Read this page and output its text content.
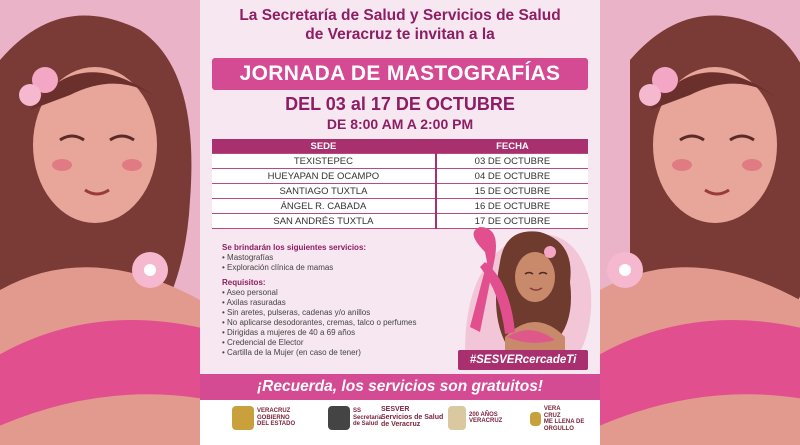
La Secretaría de Salud y Servicios de Salud
de Veracruz te invitan a la
JORNADA DE MASTOGRAFÍAS
DEL 03 al 17 DE OCTUBRE
DE 8:00 AM A 2:00 PM
SEDE	FECHA
TEXISTEPEC	03 DE OCTUBRE
HUEYAPAN DE OCAMPO	04 DE OCTUBRE
SANTIAGO TUXTLA	15 DE OCTUBRE
ÁNGEL R. CABADA	16 DE OCTUBRE
SAN ANDRÉS TUXTLA	17 DE OCTUBRE
Se brindarán los siguientes servicios:
• Mastografías
• Exploración clínica de mamas
Requisitos:
• Aseo personal
• Axilas rasuradas
• Sin aretes, pulseras, cadenas y/o anillos
• No aplicarse desodorantes, cremas, talco o perfumes
• Dirigidas a mujeres de 40 a 69 años
• Credencial de Elector
• Cartilla de la Mujer (en caso de tener)
#SESVERcercadeTi
¡Recuerda, los servicios son gratuitos!
VERACRUZ
GOBIERNO
DEL ESTADO
SS
Secretaría
de Salud
SESVER
Servicios de Salud
de Veracruz
200 AÑOS
VERACRUZ
VERA
CRUZ
ME LLENA DE ORGULLO
